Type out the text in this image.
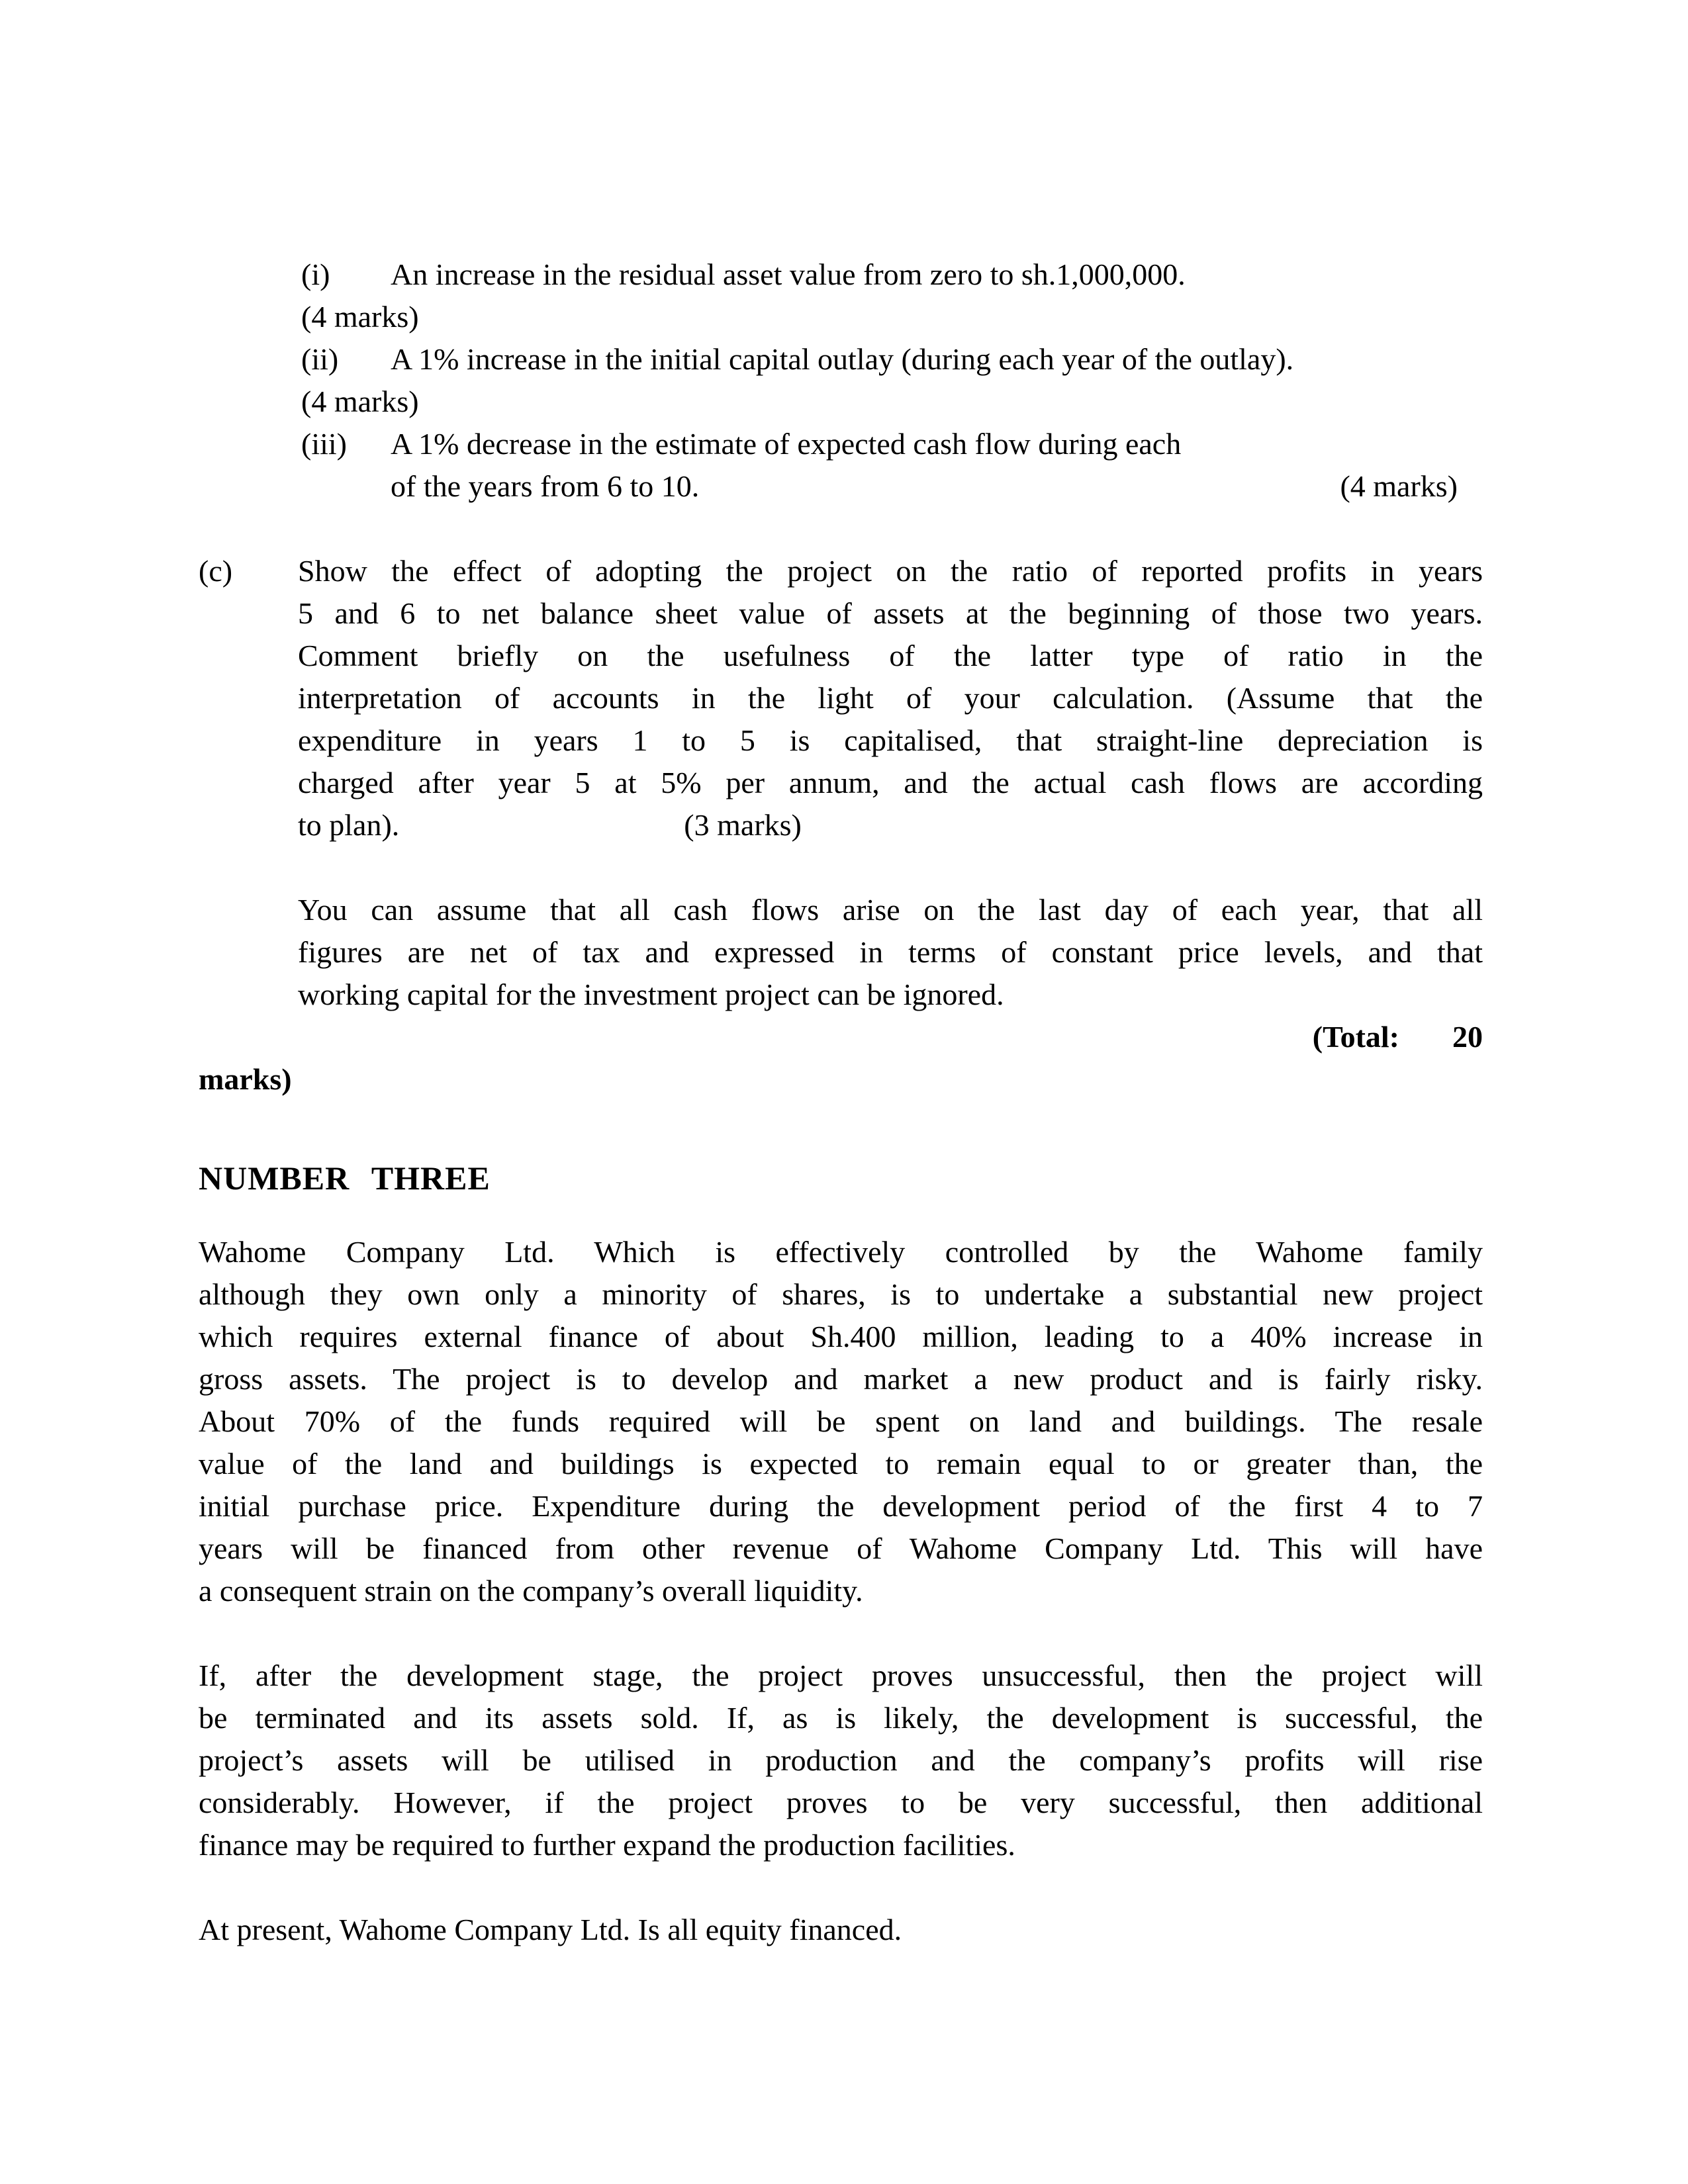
(i) An increase in the residual asset value from zero to sh.1,000,000.
(4 marks)
(ii) A 1% increase in the initial capital outlay (during each year of the outlay).
(4 marks)
(iii) A 1% decrease in the estimate of expected cash flow during each
of the years from 6 to 10.	(4 marks)
(c) Show the effect of adopting the project on the ratio of reported profits in years
5 and 6 to net balance sheet value of assets at the beginning of those two years.
Comment briefly on the usefulness of the latter type of ratio in the
interpretation of accounts in the light of your calculation. (Assume that the
expenditure in years 1 to 5 is capitalised, that straight-line depreciation is
charged after year 5 at 5% per annum, and the actual cash flows are according
to plan).	(3 marks)
You can assume that all cash flows arise on the last day of each year, that all
figures are net of tax and expressed in terms of constant price levels, and that
working capital for the investment project can be ignored.
(Total: 20
marks)
NUMBER THREE
Wahome Company Ltd. Which is effectively controlled by the Wahome family
although they own only a minority of shares, is to undertake a substantial new project
which requires external finance of about Sh.400 million, leading to a 40% increase in
gross assets. The project is to develop and market a new product and is fairly risky.
About 70% of the funds required will be spent on land and buildings. The resale
value of the land and buildings is expected to remain equal to or greater than, the
initial purchase price. Expenditure during the development period of the first 4 to 7
years will be financed from other revenue of Wahome Company Ltd. This will have
a consequent strain on the company’s overall liquidity.
If, after the development stage, the project proves unsuccessful, then the project will
be terminated and its assets sold. If, as is likely, the development is successful, the
project’s assets will be utilised in production and the company’s profits will rise
considerably. However, if the project proves to be very successful, then additional
finance may be required to further expand the production facilities.
At present, Wahome Company Ltd. Is all equity financed.
